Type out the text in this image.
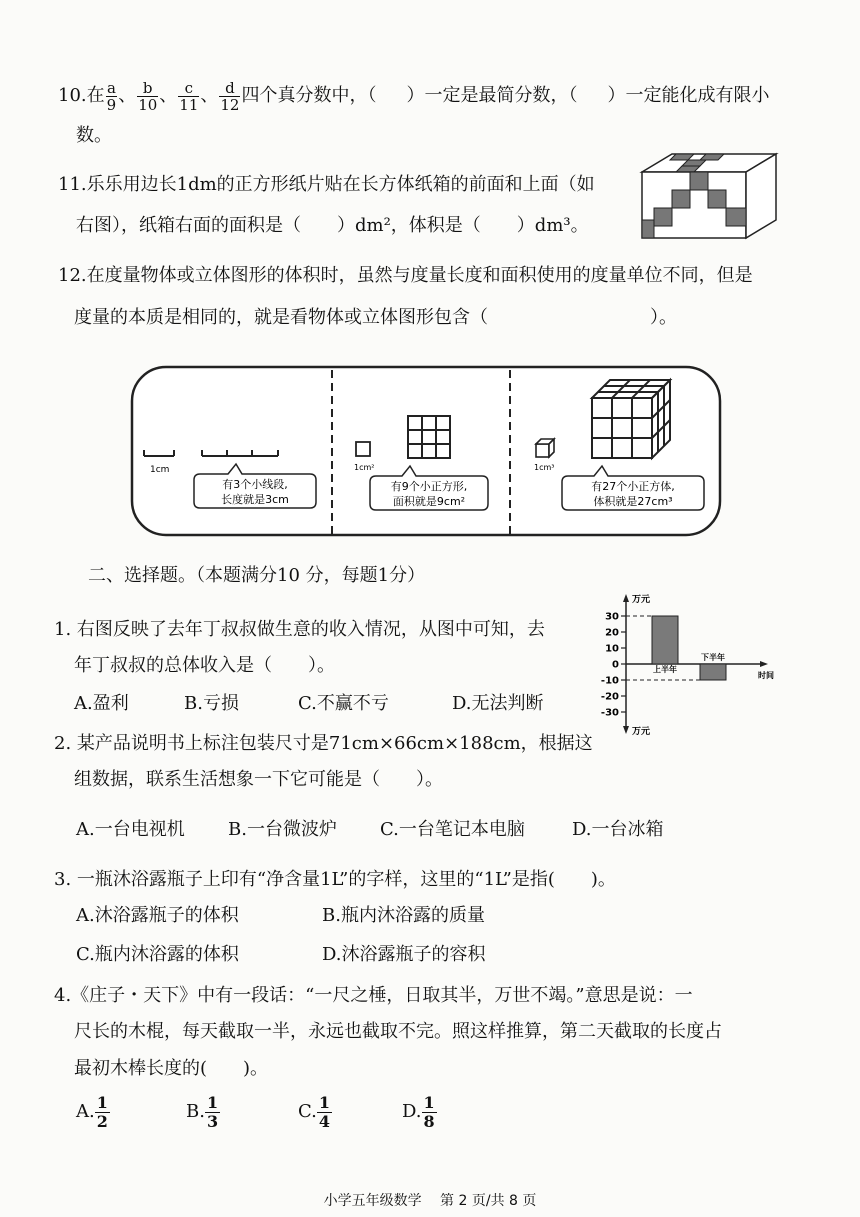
10.在 $\frac{a}{9}$ 、 $\frac{b}{10}$ 、 $\frac{c}{11}$ 、 $\frac{d}{12}$ 四个真分数中，（ ）一定是最简分数，（ ）一定能化成有限小
数。
11.乐乐用边长1dm的正方形纸片贴在长方体纸箱的前面和上面（如
右图），纸箱右面的面积是（　　）dm²，体积是（　　）dm³。
12.在度量物体或立体图形的体积时，虽然与度量长度和面积使用的度量单位不同，但是
度量的本质是相同的，就是看物体或立体图形包含（　　　　　　　　　）。
1cm
有3个小线段,
长度就是3cm
1cm²
有9个小正方形,
面积就是9cm²
1cm³
有27个小正方体,
体积就是27cm³
二、选择题。（本题满分10 分，每题1分）
1. 右图反映了去年丁叔叔做生意的收入情况，从图中可知，去
年丁叔叔的总体收入是（　　）。
A.盈利	B.亏损	C.不赢不亏	D.无法判断
万元
万元
时间
30
20
10
0
-10
-20
-30
上半年
下半年
2. 某产品说明书上标注包装尺寸是71cm×66cm×188cm，根据这
组数据，联系生活想象一下它可能是（　　）。
A.一台电视机 B.一台微波炉 C.一台笔记本电脑	D.一台冰箱
3. 一瓶沐浴露瓶子上印有“净含量1L”的字样，这里的“1L”是指(　　)。
A.沐浴露瓶子的体积	B.瓶内沐浴露的质量
C.瓶内沐浴露的体积	D.沐浴露瓶子的容积
4.《庄子・天下》中有一段话：“一尺之棰，日取其半，万世不竭。”意思是说：一
尺长的木棍，每天截取一半，永远也截取不完。照这样推算，第二天截取的长度占
最初木棒长度的(　　)。
A. $\frac{1}{2}$	B. $\frac{1}{3}$	C. $\frac{1}{4}$	D. $\frac{1}{8}$
小学五年级数学　 第 2 页/共 8 页
